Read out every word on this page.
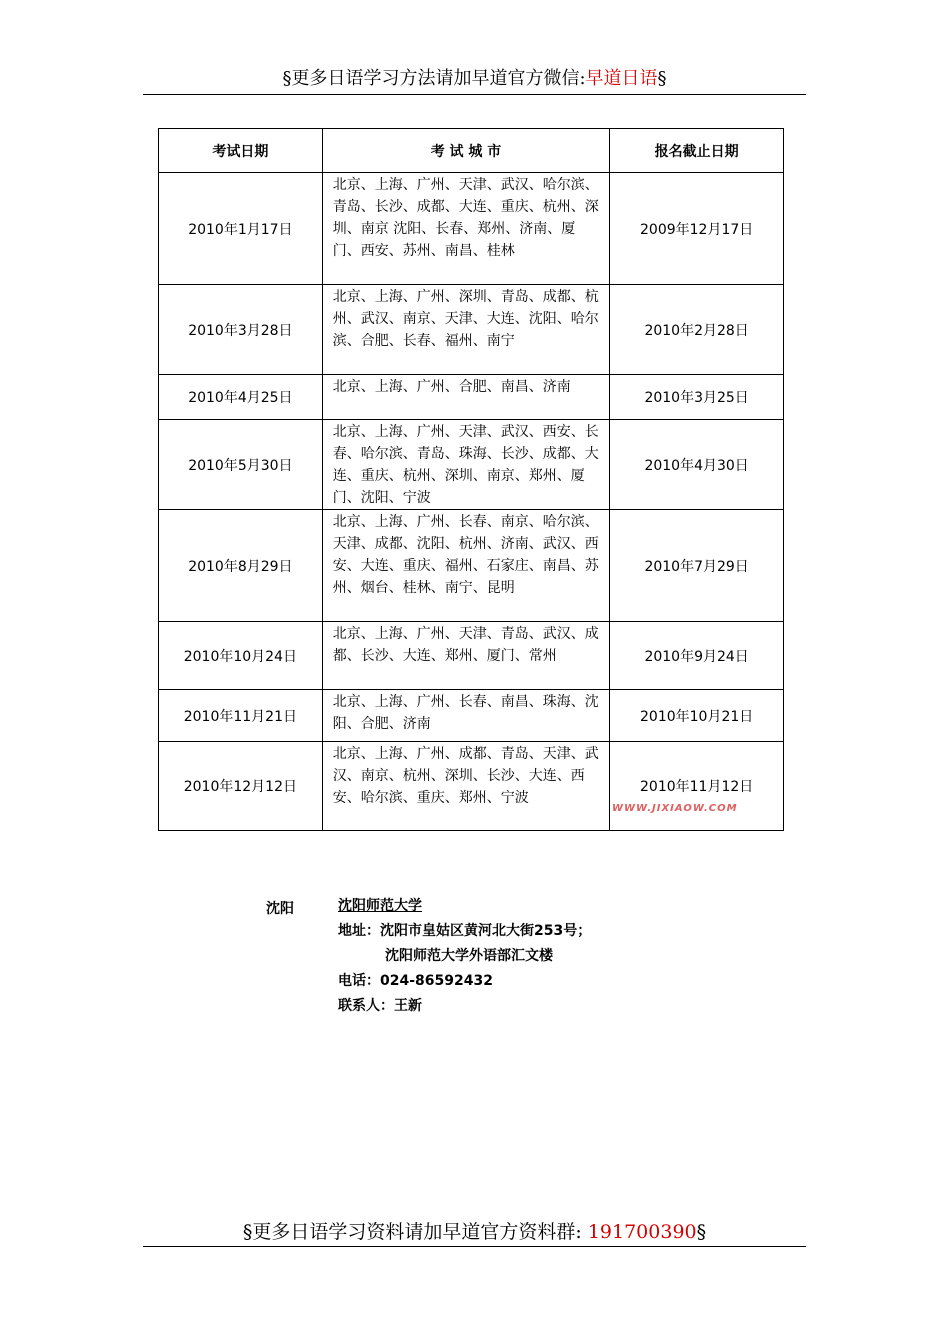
§更多日语学习方法请加早道官方微信:早道日语§
考试日期	考 试 城 市	报名截止日期
2010年1月17日	北京、上海、广州、天津、武汉、哈尔滨、青岛、长沙、成都、大连、重庆、杭州、深圳、南京 沈阳、长春、郑州、济南、厦门、西安、苏州、南昌、桂林	2009年12月17日
2010年3月28日	北京、上海、广州、深圳、青岛、成都、杭州、武汉、南京、天津、大连、沈阳、哈尔滨、合肥、长春、福州、南宁	2010年2月28日
2010年4月25日	北京、上海、广州、合肥、南昌、济南	2010年3月25日
2010年5月30日	北京、上海、广州、天津、武汉、西安、长春、哈尔滨、青岛、珠海、长沙、成都、大连、重庆、杭州、深圳、南京、郑州、厦门、沈阳、宁波	2010年4月30日
2010年8月29日	北京、上海、广州、长春、南京、哈尔滨、天津、成都、沈阳、杭州、济南、武汉、西安、大连、重庆、福州、石家庄、南昌、苏州、烟台、桂林、南宁、昆明	2010年7月29日
2010年10月24日	北京、上海、广州、天津、青岛、武汉、成都、长沙、大连、郑州、厦门、常州	2010年9月24日
2010年11月21日	北京、上海、广州、长春、南昌、珠海、沈阳、合肥、济南	2010年10月21日
2010年12月12日	北京、上海、广州、成都、青岛、天津、武汉、南京、杭州、深圳、长沙、大连、西安、哈尔滨、重庆、郑州、宁波	2010年11月12日
WWW.JIXIAOW.COM
沈阳	沈阳师范大学
地址：沈阳市皇姑区黄河北大街253号；
沈阳师范大学外语部汇文楼
电话：024-86592432
联系人：王新
§更多日语学习资料请加早道官方资料群: 191700390§
